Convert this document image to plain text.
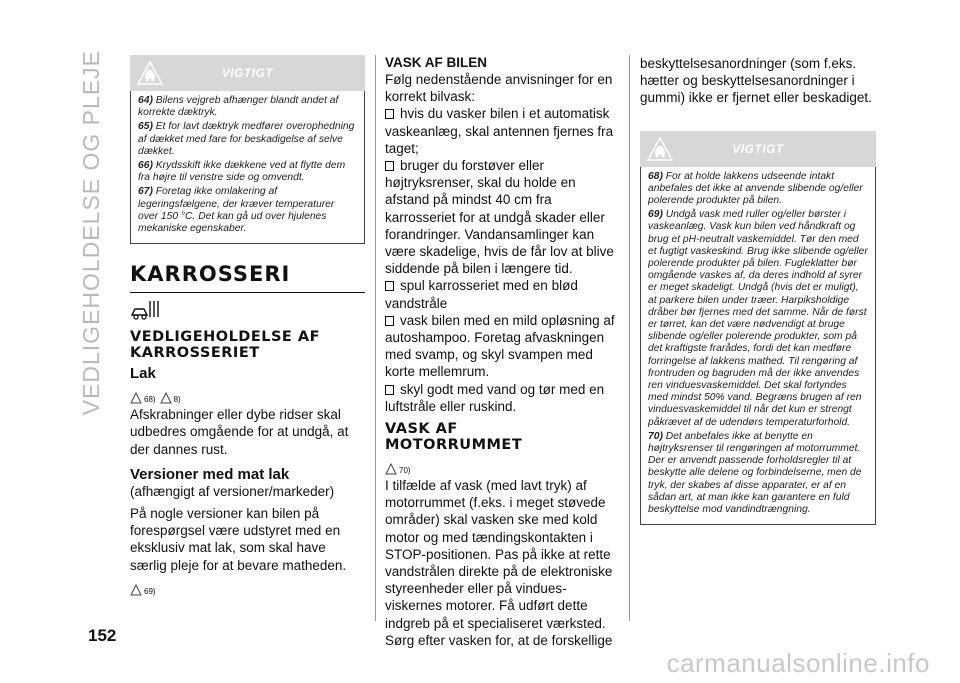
VEDLIGEHOLDELSE OG PLEJE	VIGTIGT

64) Bilens vejgreb afhænger blandt andet af korrekte dæktryk.

65) Et for lavt dæktryk medfører overophedning af dækket med fare for beskadigelse af selve dækket.

66) Krydsskift ikke dækkene ved at flytte dem fra højre til venstre side og omvendt.

67) Foretag ikke omlakering af legeringsfælgene, der kræver temperaturer over 150 °C. Det kan gå ud over hjulenes mekaniske egenskaber.

KARROSSERI
VEDLIGEHOLDELSE AF KARROSSERIET
Lak
68) 8)

Afskrabninger eller dybe ridser skal udbedres omgående for at undgå, at der dannes rust.

Versioner med mat lak

(afhængigt af versioner/markeder)

På nogle versioner kan bilen på forespørgsel være udstyret med en eksklusiv mat lak, som skal have særlig pleje for at bevare matheden.

69)
VASK AF BILEN

Følg nedenstående anvisninger for en korrekt bilvask:

hvis du vasker bilen i et automatisk vaskeanlæg, skal antennen fjernes fra taget;

bruger du forstøver eller højtryksrenser, skal du holde en afstand på mindst 40 cm fra karrosseriet for at undgå skader eller forandringer. Vandansamlinger kan være skadelige, hvis de får lov at blive siddende på bilen i længere tid.

spul karrosseriet med en blød vandstråle

vask bilen med en mild opløsning af autoshampoo. Foretag afvaskningen med svamp, og skyl svampen med korte mellemrum.

skyl godt med vand og tør med en luftstråle eller ruskind.

VASK AF MOTORRUMMET
70)

I tilfælde af vask (med lavt tryk) af motorrummet (f.eks. i meget støvede områder) skal vasken ske med kold motor og med tændingskontakten i STOP-positionen. Pas på ikke at rette vandstrålen direkte på de elektroniske styreenheder eller på vinduesviskernes motorer. Få udført dette indgreb på et specialiseret værksted. Sørg efter vasken for, at de forskellige

beskyttelsesanordninger (som f.eks. hætter og beskyttelsesanordninger i gummi) ikke er fjernet eller beskadiget.

VIGTIGT

68) For at holde lakkens udseende intakt anbefales det ikke at anvende slibende og/eller polerende produkter på bilen.

69) Undgå vask med ruller og/eller børster i vaskeanlæg. Vask kun bilen ved håndkraft og brug et pH-neutralt vaskemiddel. Tør den med et fugtigt vaskeskind. Brug ikke slibende og/eller polerende produkter på bilen. Fugleklatter bør omgående vaskes af, da deres indhold af syrer er meget skadeligt. Undgå (hvis det er muligt), at parkere bilen under træer. Harpiksholdige dråber bør fjernes med det samme. Når de først er tørret, kan det være nødvendigt at bruge slibende og/eller polerende produkter, som på det kraftigste frarådes, fordi det kan medføre forringelse af lakkens mathed. Til rengøring af frontruden og bagruden må der ikke anvendes ren vinduesvaskemiddel. Det skal fortyndes med mindst 50% vand. Begræns brugen af ren vinduesvaskemiddel til når det kun er strengt påkrævet af de udendørs temperaturforhold.

70) Det anbefales ikke at benytte en højtryksrenser til rengøringen af motorrummet. Der er anvendt passende forholdsregler til at beskytte alle delene og forbindelserne, men de tryk, der skabes af disse apparater, er af en sådan art, at man ikke kan garantere en fuld beskyttelse mod vandindtrængning.

152
carmanualsonline.info
